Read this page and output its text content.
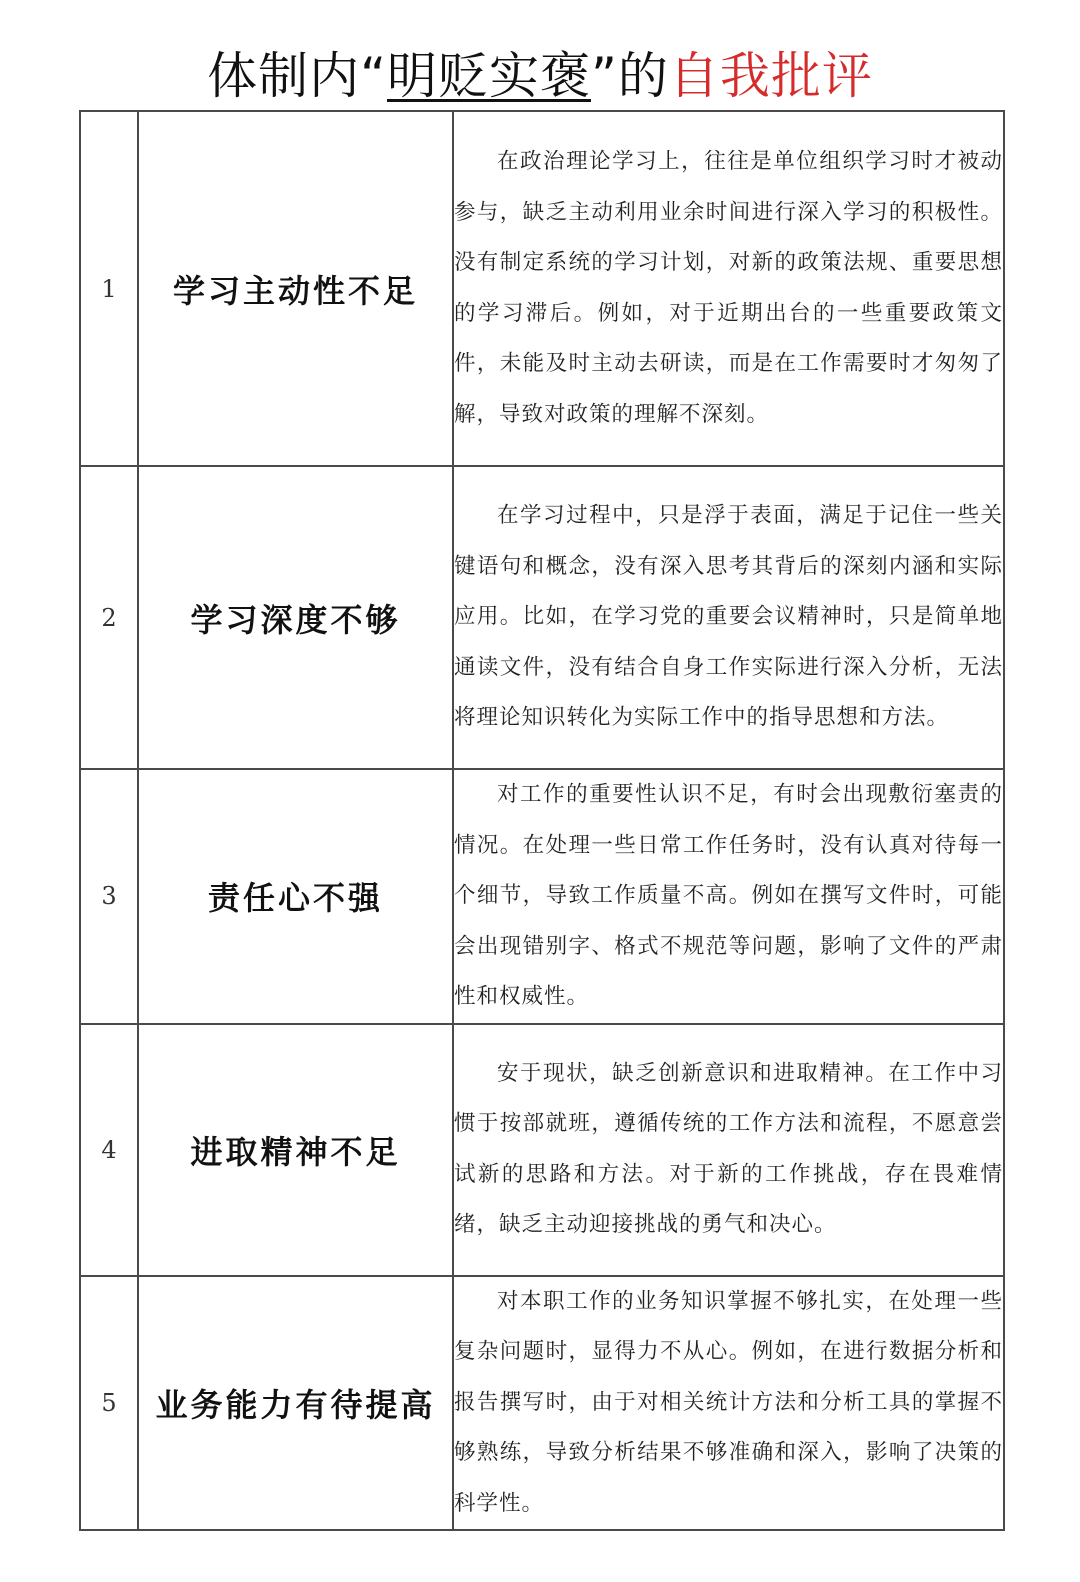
体制内“明贬实褒”的自我批评
1	学习主动性不足	在政治理论学习上，往往是单位组织学习时才被动参与，缺乏主动利用业余时间进行深入学习的积极性。没有制定系统的学习计划，对新的政策法规、重要思想的学习滞后。例如，对于近期出台的一些重要政策文件，未能及时主动去研读，而是在工作需要时才匆匆了解，导致对政策的理解不深刻。
2	学习深度不够	在学习过程中，只是浮于表面，满足于记住一些关键语句和概念，没有深入思考其背后的深刻内涵和实际应用。比如，在学习党的重要会议精神时，只是简单地通读文件，没有结合自身工作实际进行深入分析，无法将理论知识转化为实际工作中的指导思想和方法。
3	责任心不强	对工作的重要性认识不足，有时会出现敷衍塞责的情况。在处理一些日常工作任务时，没有认真对待每一个细节，导致工作质量不高。例如在撰写文件时，可能会出现错别字、格式不规范等问题，影响了文件的严肃性和权威性。
4	进取精神不足	安于现状，缺乏创新意识和进取精神。在工作中习惯于按部就班，遵循传统的工作方法和流程，不愿意尝试新的思路和方法。对于新的工作挑战，存在畏难情绪，缺乏主动迎接挑战的勇气和决心。
5	业务能力有待提高	对本职工作的业务知识掌握不够扎实，在处理一些复杂问题时，显得力不从心。例如，在进行数据分析和报告撰写时，由于对相关统计方法和分析工具的掌握不够熟练，导致分析结果不够准确和深入，影响了决策的科学性。
